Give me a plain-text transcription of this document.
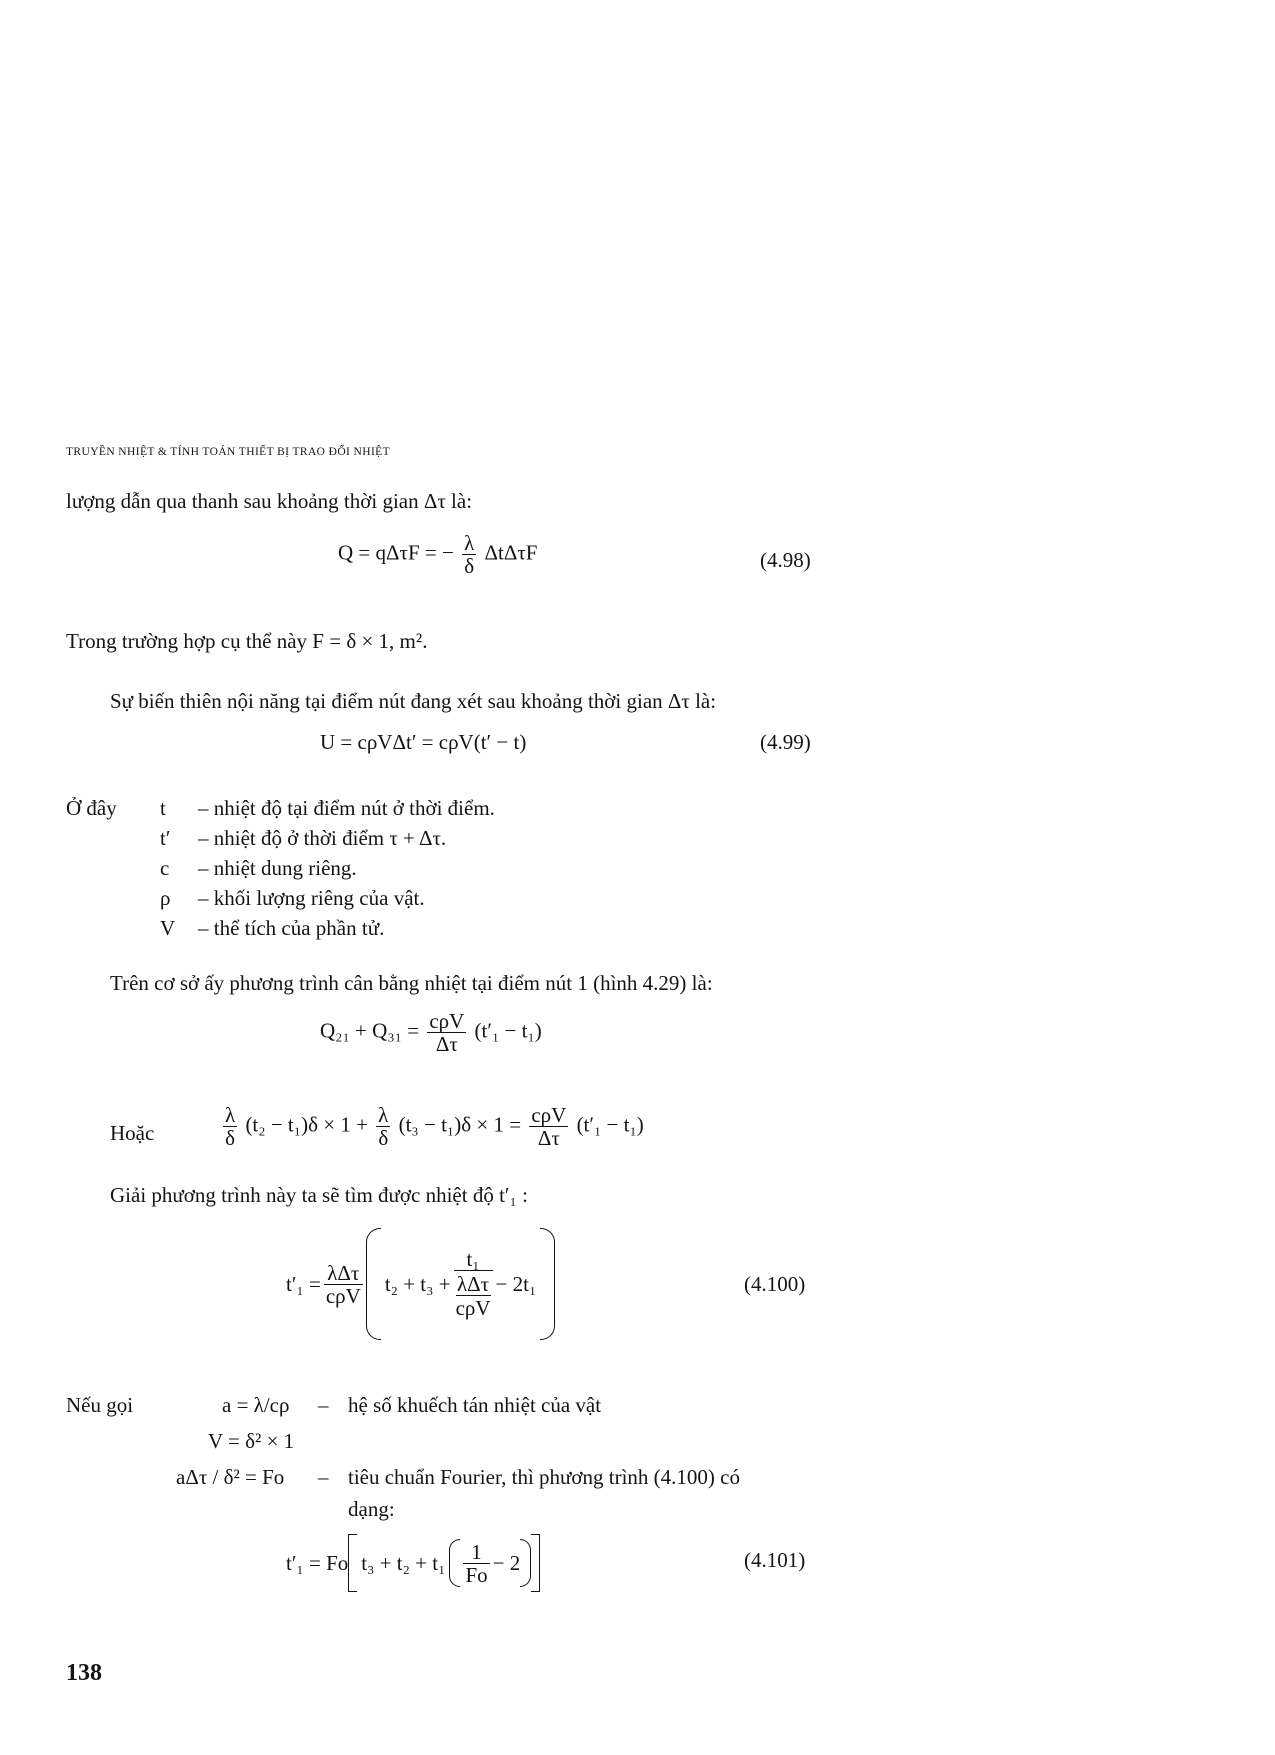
TRUYỀN NHIỆT & TÍNH TOÁN THIẾT BỊ TRAO ĐỔI NHIỆT
lượng dẫn qua thanh sau khoảng thời gian Δτ là:
Q = qΔτF = − $\frac{\lambda}{\delta}$ ΔtΔτF	(4.98)
Trong trường hợp cụ thể này F = δ × 1, m².
Sự biến thiên nội năng tại điểm nút đang xét sau khoảng thời gian Δτ là:
U = cρVΔt′ = cρV(t′ − t)	(4.99)
Ở đây t – nhiệt độ tại điểm nút ở thời điểm.
t′ – nhiệt độ ở thời điểm τ + Δτ.
c – nhiệt dung riêng.
ρ – khối lượng riêng của vật.
V – thể tích của phần tử.
Trên cơ sở ấy phương trình cân bằng nhiệt tại điểm nút 1 (hình 4.29) là:
$Q_{21} + Q_{31} = \frac{\text{cρV}}{\Delta\tau} (t'_1 - t_1)$
Hoặc	$\frac{\lambda}{\delta} (t_2 - t_1)\delta \times 1 + \frac{\lambda}{\delta} (t_3 - t_1)\delta \times 1 = \frac{\text{cρV}}{\Delta\tau} (t'_1 - t_1)$
Giải phương trình này ta sẽ tìm được nhiệt độ t′₁ :
$t'_1 = \frac{\text{λΔτ}}{\text{cρV}} t_2 + t_3 + t_1$
λΔτ
cρV − 2t₁	(4.100)
Nếu gọi	a = λ/cρ – hệ số khuếch tán nhiệt của vật
V = δ² × 1
aΔτ / δ² = Fo – tiêu chuẩn Fourier, thì phương trình (4.100) có
dạng:
t′₁ = Fo $t_3 + t_2 + t_1 \frac{1}{Fo} - 2$	(4.101)
138
